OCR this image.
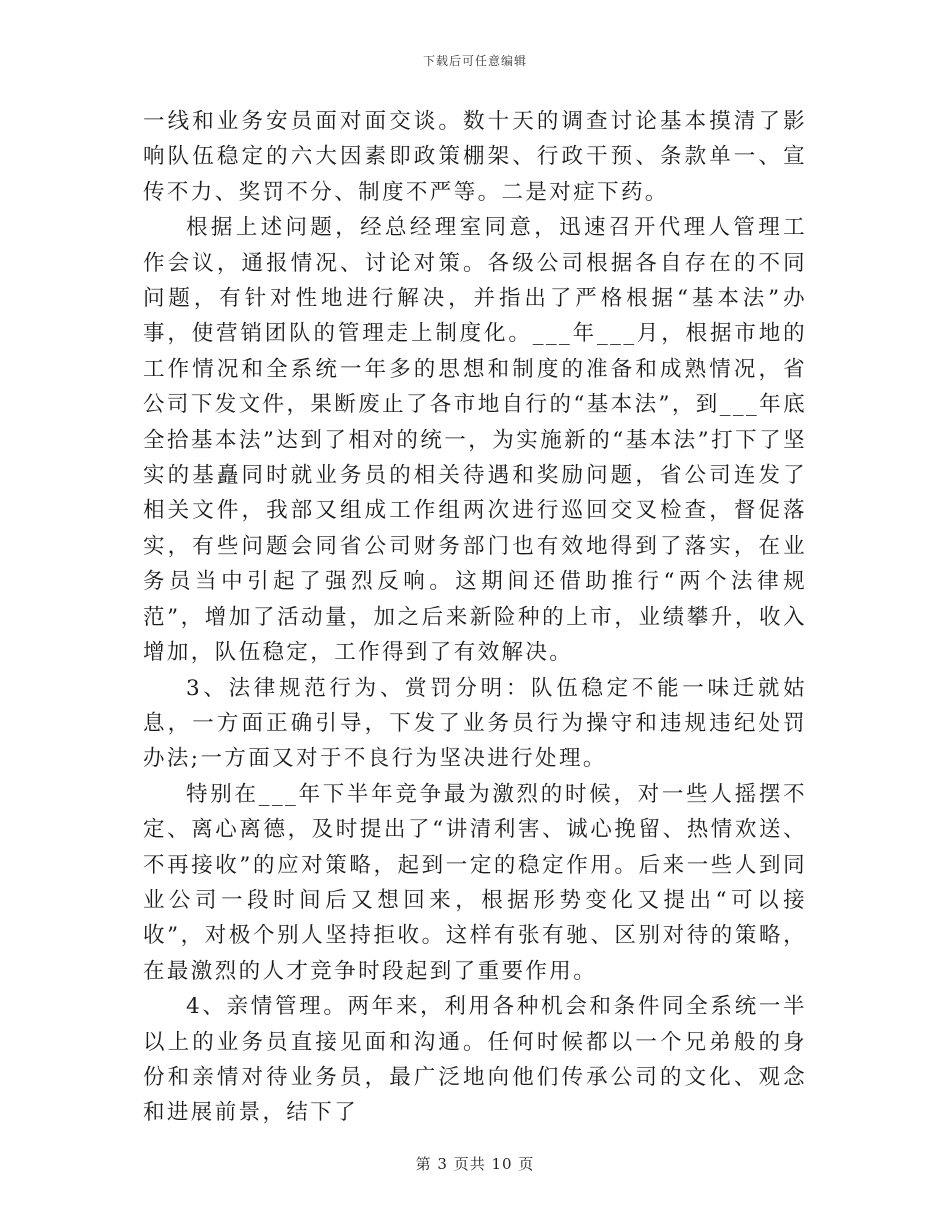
下载后可任意编辑

一线和业务安员面对面交谈。数十天的调查讨论基本摸清了影响队伍稳定的六大因素即政策棚架、行政干预、条款单一、宣传不力、奖罚不分、制度不严等。二是对症下药。

根据上述问题，经总经理室同意，迅速召开代理人管理工作会议，通报情况、讨论对策。各级公司根据各自存在的不同问题，有针对性地进行解决，并指出了严格根据“基本法”办事，使营销团队的管理走上制度化。___年___月，根据市地的工作情况和全系统一年多的思想和制度的准备和成熟情况，省公司下发文件，果断废止了各市地自行的“基本法”，到___年底全拾基本法”达到了相对的统一，为实施新的“基本法”打下了坚实的基矗同时就业务员的相关待遇和奖励问题，省公司连发了相关文件，我部又组成工作组两次进行巡回交叉检查，督促落实，有些问题会同省公司财务部门也有效地得到了落实，在业务员当中引起了强烈反响。这期间还借助推行“两个法律规范”，增加了活动量，加之后来新险种的上市，业绩攀升，收入增加，队伍稳定，工作得到了有效解决。

3、法律规范行为、赏罚分明：队伍稳定不能一味迁就姑息，一方面正确引导，下发了业务员行为操守和违规违纪处罚办法;一方面又对于不良行为坚决进行处理。

特别在___年下半年竞争最为激烈的时候，对一些人摇摆不定、离心离德，及时提出了“讲清利害、诚心挽留、热情欢送、不再接收”的应对策略，起到一定的稳定作用。后来一些人到同业公司一段时间后又想回来，根据形势变化又提出“可以接收”，对极个别人坚持拒收。这样有张有驰、区别对待的策略，在最激烈的人才竞争时段起到了重要作用。

4、亲情管理。两年来，利用各种机会和条件同全系统一半以上的业务员直接见面和沟通。任何时候都以一个兄弟般的身份和亲情对待业务员，最广泛地向他们传承公司的文化、观念和进展前景，结下了

第 3 页共 10 页
